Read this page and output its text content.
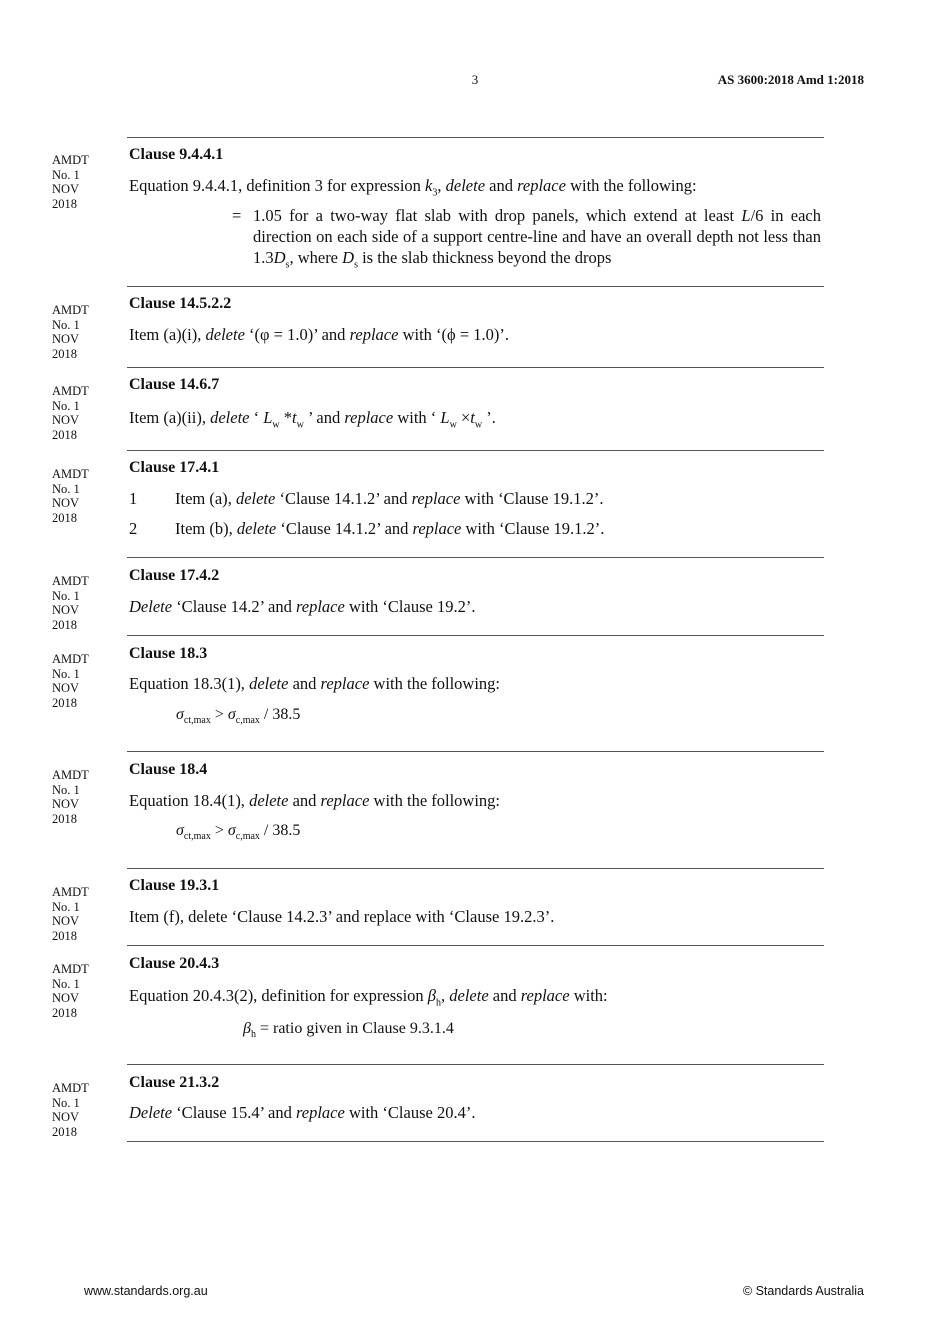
3	AS 3600:2018 Amd 1:2018
AMDT
No. 1
NOV
2018
AMDT
No. 1
NOV
2018
AMDT
No. 1
NOV
2018
AMDT
No. 1
NOV
2018
AMDT
No. 1
NOV
2018
AMDT
No. 1
NOV
2018
AMDT
No. 1
NOV
2018
AMDT
No. 1
NOV
2018
AMDT
No. 1
NOV
2018
AMDT
No. 1
NOV
2018
Clause 9.4.4.1
Equation 9.4.4.1, definition 3 for expression $k_3$, delete and replace with the following:
= 1.05 for a two-way flat slab with drop panels, which extend at least L/6 in each direction on each side of a support centre-line and have an overall depth not less than $1.3D_s$, where $D_s$ is the slab thickness beyond the drops
Clause 14.5.2.2
Item (a)(i), delete ‘(φ = 1.0)’ and replace with ‘(ϕ = 1.0)’.
Clause 14.6.7
Item (a)(ii), delete ‘ $L_w$ $*t_w$ ’ and replace with ‘ $L_w \times t_w$ ’.
Clause 17.4.1
1 Item (a), delete ‘Clause 14.1.2’ and replace with ‘Clause 19.1.2’.
2 Item (b), delete ‘Clause 14.1.2’ and replace with ‘Clause 19.1.2’.
Clause 17.4.2
Delete ‘Clause 14.2’ and replace with ‘Clause 19.2’.
Clause 18.3
Equation 18.3(1), delete and replace with the following:
$\sigma_{ct,max} > \sigma_{c,max} / 38.5$
Clause 18.4
Equation 18.4(1), delete and replace with the following:
$\sigma_{ct,max} > \sigma_{c,max} / 38.5$
Clause 19.3.1
Item (f), delete ‘Clause 14.2.3’ and replace with ‘Clause 19.2.3’.
Clause 20.4.3
Equation 20.4.3(2), definition for expression $\beta_h$, delete and replace with:
$\beta_h$ = ratio given in Clause 9.3.1.4
Clause 21.3.2
Delete ‘Clause 15.4’ and replace with ‘Clause 20.4’.
www.standards.org.au	© Standards Australia
